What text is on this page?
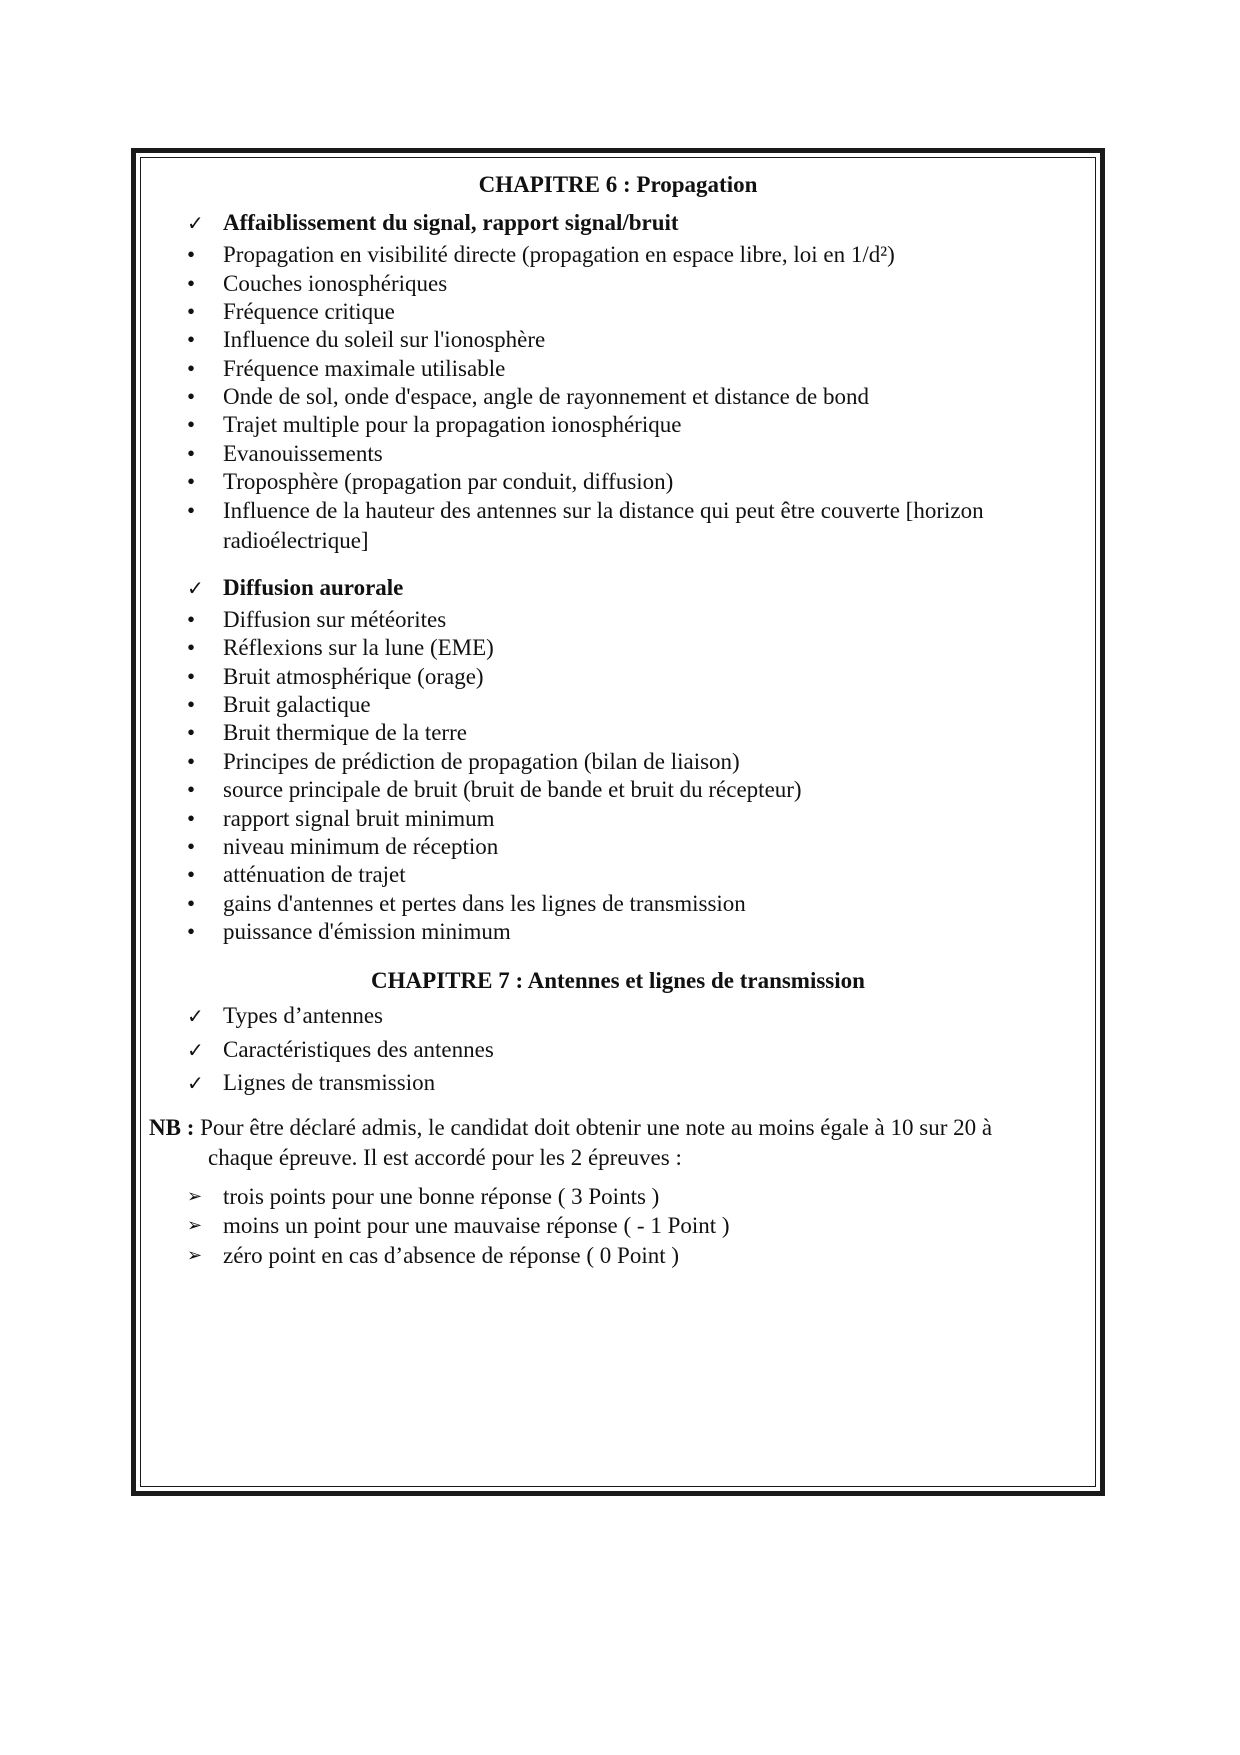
CHAPITRE 6 : Propagation
✓ Affaiblissement du signal, rapport signal/bruit
•	Propagation en visibilité directe (propagation en espace libre, loi en 1/d²)
•	Couches ionosphériques
•	Fréquence critique
•	Influence du soleil sur l'ionosphère
•	Fréquence maximale utilisable
•	Onde de sol, onde d'espace, angle de rayonnement et distance de bond
•	Trajet multiple pour la propagation ionosphérique
•	Evanouissements
•	Troposphère (propagation par conduit, diffusion)
•	Influence de la hauteur des antennes sur la distance qui peut être couverte [horizon radioélectrique]
✓ Diffusion aurorale
•	Diffusion sur météorites
•	Réflexions sur la lune (EME)
•	Bruit atmosphérique (orage)
•	Bruit galactique
•	Bruit thermique de la terre
•	Principes de prédiction de propagation (bilan de liaison)
•	source principale de bruit (bruit de bande et bruit du récepteur)
•	rapport signal bruit minimum
•	niveau minimum de réception
•	atténuation de trajet
•	gains d'antennes et pertes dans les lignes de transmission
•	puissance d'émission minimum
CHAPITRE 7 : Antennes et lignes de transmission
✓ Types d’antennes
✓ Caractéristiques des antennes
✓ Lignes de transmission
NB : Pour être déclaré admis, le candidat doit obtenir une note au moins égale à 10 sur 20 à
chaque épreuve. Il est accordé pour les 2 épreuves :
➢ trois points pour une bonne réponse ( 3 Points )
➢ moins un point pour une mauvaise réponse ( - 1 Point )
➢ zéro point en cas d’absence de réponse ( 0 Point )
